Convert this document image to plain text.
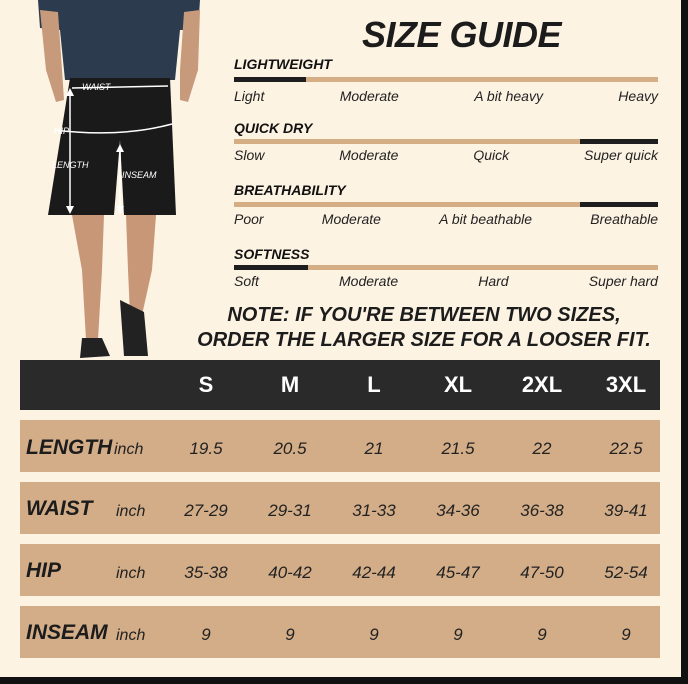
WAIST
HIP
LENGTH
INSEAM
SIZE GUIDE
LIGHTWEIGHT
Light	Moderate	A bit heavy	Heavy
QUICK DRY
Slow	Moderate	Quick	Super quick
BREATHABILITY
Poor	Moderate	A bit beathable	Breathable
SOFTNESS
Soft	Moderate	Hard	Super hard
NOTE: IF YOU'RE BETWEEN TWO SIZES,
ORDER THE LARGER SIZE FOR A LOOSER FIT.
S	M	L	XL	2XL	3XL
LENGTH inch	19.5	20.5	21	21.5	22	22.5
WAIST inch	27-29	29-31	31-33	34-36	36-38	39-41
HIP	inch	35-38	40-42	42-44	45-47	47-50	52-54
INSEAM inch	9	9	9	9	9	9
